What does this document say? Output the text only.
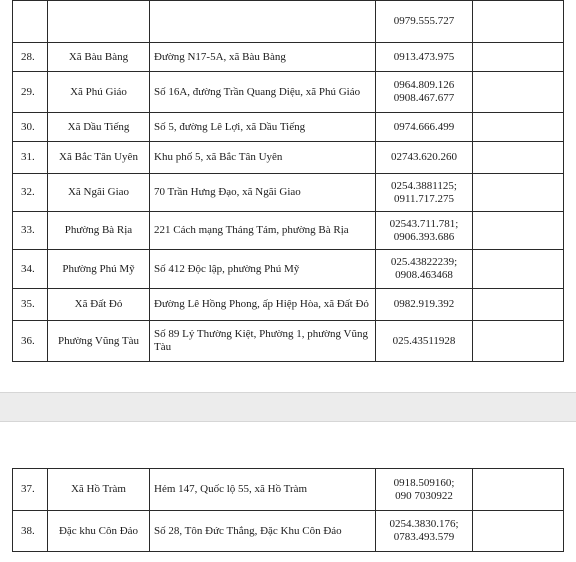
			0979.555.727	

28.	Xã Bàu Bàng	Đường N17-5A, xã Bàu Bàng	0913.473.975	

29.	Xã Phú Giáo	Số 16A, đường Trần Quang Diệu, xã Phú Giáo	0964.809.126
0908.467.677	

30.	Xã Dầu Tiếng	Số 5, đường Lê Lợi, xã Dầu Tiếng	0974.666.499	

31.	Xã Bắc Tân Uyên	Khu phố 5, xã Bắc Tân Uyên	02743.620.260	

32.	Xã Ngãi Giao	70 Trần Hưng Đạo, xã Ngãi Giao	0254.3881125;
0911.717.275	

33.	Phường Bà Rịa	221 Cách mạng Tháng Tám, phường Bà Rịa	02543.711.781;
0906.393.686	

34.	Phường Phú Mỹ	Số 412 Độc lập, phường Phú Mỹ	025.43822239;
0908.463468	

35.	Xã Đất Đỏ	Đường Lê Hồng Phong, ấp Hiệp Hòa, xã Đất Đỏ	0982.919.392	

36.	Phường Vũng Tàu	Số 89 Lý Thường Kiệt, Phường 1, phường Vũng Tàu	025.43511928	

37.	Xã Hồ Tràm	Hẻm 147, Quốc lộ 55, xã Hồ Tràm	0918.509160;
090 7030922	

38.	Đặc khu Côn Đảo	Số 28, Tôn Đức Thắng, Đặc Khu Côn Đảo	0254.3830.176;
0783.493.579	
